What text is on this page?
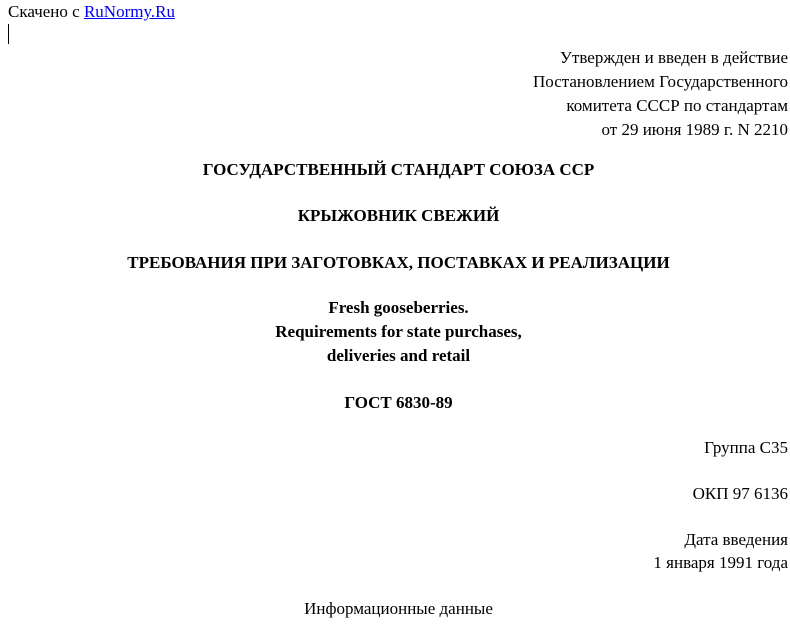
Скачено с RuNormy.Ru
Утвержден и введен в действие
Постановлением Государственного
комитета СССР по стандартам
от 29 июня 1989 г. N 2210
ГОСУДАРСТВЕННЫЙ СТАНДАРТ СОЮЗА ССР
КРЫЖОВНИК СВЕЖИЙ
ТРЕБОВАНИЯ ПРИ ЗАГОТОВКАХ, ПОСТАВКАХ И РЕАЛИЗАЦИИ
Fresh gooseberries.
Requirements for state purchases,
deliveries and retail
ГОСТ 6830-89
Группа С35
ОКП 97 6136
Дата введения
1 января 1991 года
Информационные данные
